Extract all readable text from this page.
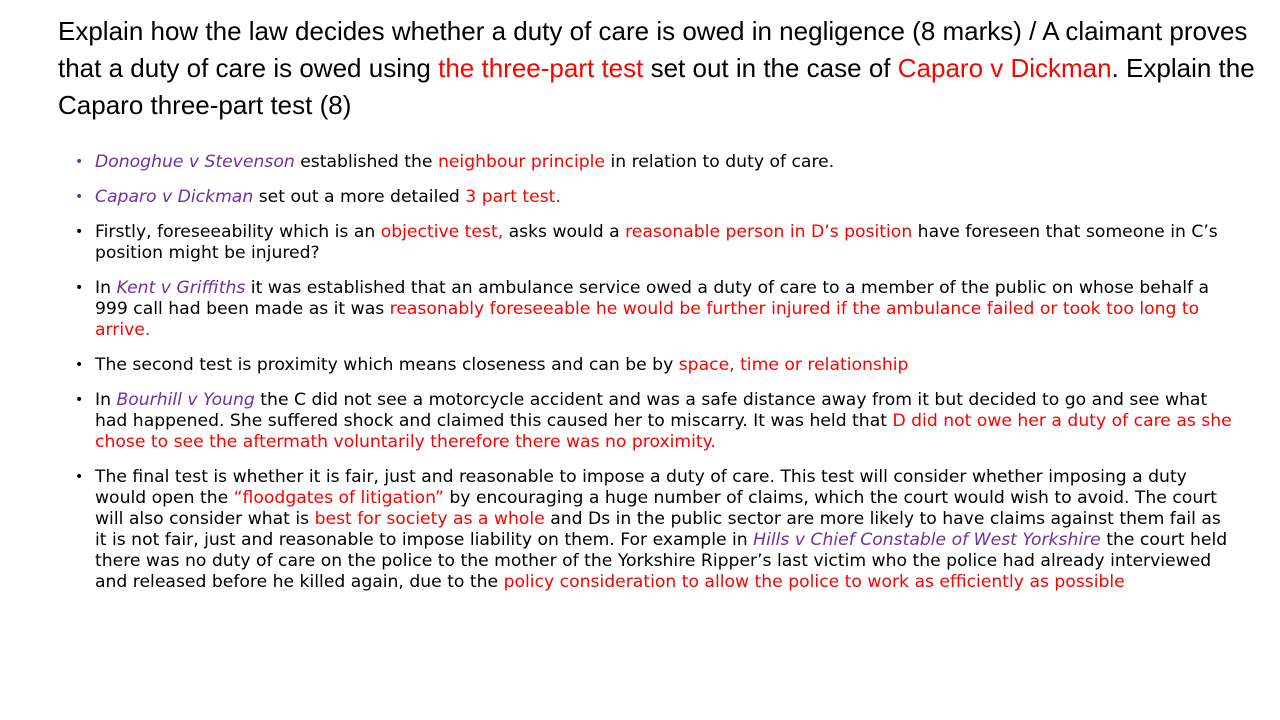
Explain how the law decides whether a duty of care is owed in negligence (8 marks) / A claimant proves that a duty of care is owed using the three-part test set out in the case of Caparo v Dickman. Explain the Caparo three-part test (8)
• Donoghue v Stevenson established the neighbour principle in relation to duty of care.
• Caparo v Dickman set out a more detailed 3 part test.
• Firstly, foreseeability which is an objective test, asks would a reasonable person in D’s position have foreseen that someone in C’s position might be injured?
• In Kent v Griffiths it was established that an ambulance service owed a duty of care to a member of the public on whose behalf a 999 call had been made as it was reasonably foreseeable he would be further injured if the ambulance failed or took too long to arrive.
• The second test is proximity which means closeness and can be by space, time or relationship
• In Bourhill v Young the C did not see a motorcycle accident and was a safe distance away from it but decided to go and see what had happened. She suffered shock and claimed this caused her to miscarry. It was held that D did not owe her a duty of care as she chose to see the aftermath voluntarily therefore there was no proximity.
• The final test is whether it is fair, just and reasonable to impose a duty of care. This test will consider whether imposing a duty would open the “floodgates of litigation” by encouraging a huge number of claims, which the court would wish to avoid. The court will also consider what is best for society as a whole and Ds in the public sector are more likely to have claims against them fail as it is not fair, just and reasonable to impose liability on them. For example in Hills v Chief Constable of West Yorkshire the court held there was no duty of care on the police to the mother of the Yorkshire Ripper’s last victim who the police had already interviewed and released before he killed again, due to the policy consideration to allow the police to work as efficiently as possible
